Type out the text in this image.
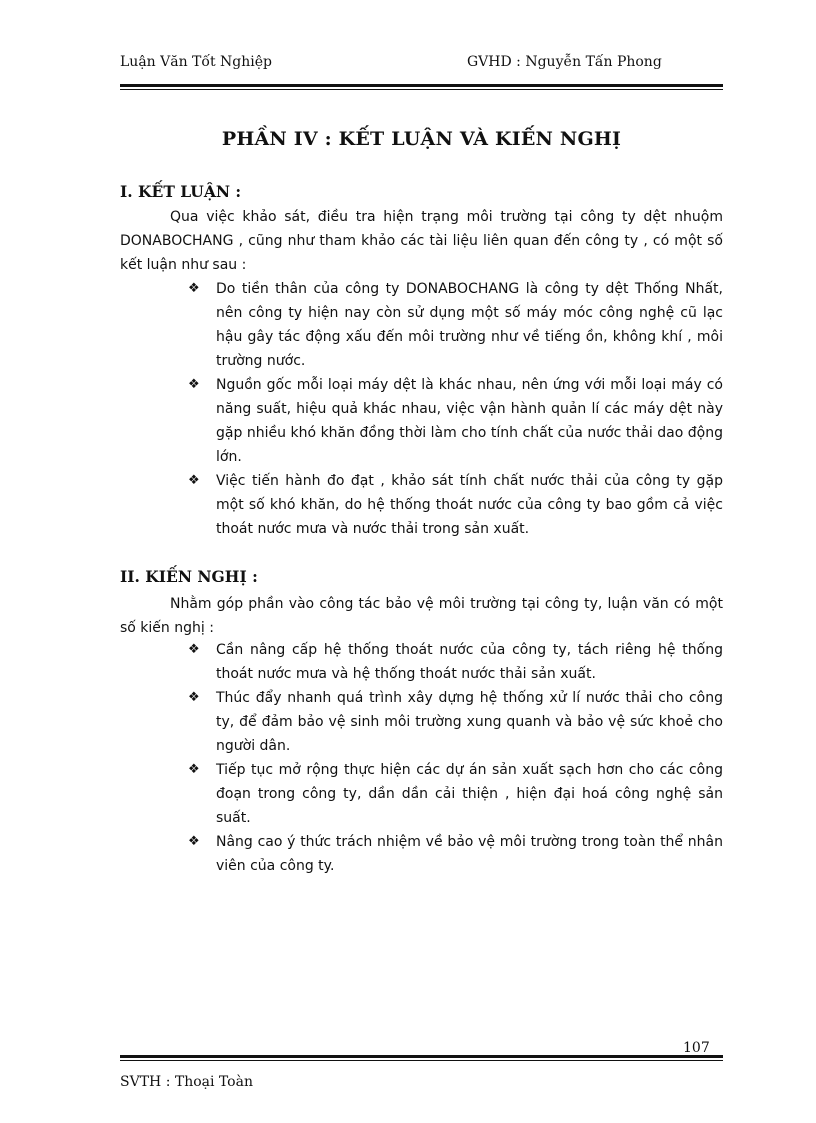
Luận Văn Tốt Nghiệp	GVHD : Nguyễn Tấn Phong
PHẦN IV : KẾT LUẬN VÀ KIẾN NGHỊ
I. KẾT LUẬN :

Qua việc khảo sát, điều tra hiện trạng môi trường tại công ty dệt nhuộm DONABOCHANG , cũng như tham khảo các tài liệu liên quan đến công ty , có một số kết luận như sau :

❖ Do tiền thân của công ty DONABOCHANG là công ty dệt Thống Nhất, nên công ty hiện nay còn sử dụng một số máy móc công nghệ cũ lạc hậu gây tác động xấu đến môi trường như về tiếng ồn, không khí , môi trường nước.
❖ Nguồn gốc mỗi loại máy dệt là khác nhau, nên ứng với mỗi loại máy có năng suất, hiệu quả khác nhau, việc vận hành quản lí các máy dệt này gặp nhiều khó khăn đồng thời làm cho tính chất của nước thải dao động lớn.
❖ Việc tiến hành đo đạt , khảo sát tính chất nước thải của công ty gặp một số khó khăn, do hệ thống thoát nước của công ty bao gồm cả việc thoát nước mưa và nước thải trong sản xuất.
II. KIẾN NGHỊ :

Nhằm góp phần vào công tác bảo vệ môi trường tại công ty, luận văn có một số kiến nghị :

❖ Cần nâng cấp hệ thống thoát nước của công ty, tách riêng hệ thống thoát nước mưa và hệ thống thoát nước thải sản xuất.
❖ Thúc đẩy nhanh quá trình xây dựng hệ thống xử lí nước thải cho công ty, để đảm bảo vệ sinh môi trường xung quanh và bảo vệ sức khoẻ cho người dân.
❖ Tiếp tục mở rộng thực hiện các dự án sản xuất sạch hơn cho các công đoạn trong công ty, dần dần cải thiện , hiện đại hoá công nghệ sản suất.
❖ Nâng cao ý thức trách nhiệm về bảo vệ môi trường trong toàn thể nhân viên của công ty.
107
SVTH : Thoại Toàn
